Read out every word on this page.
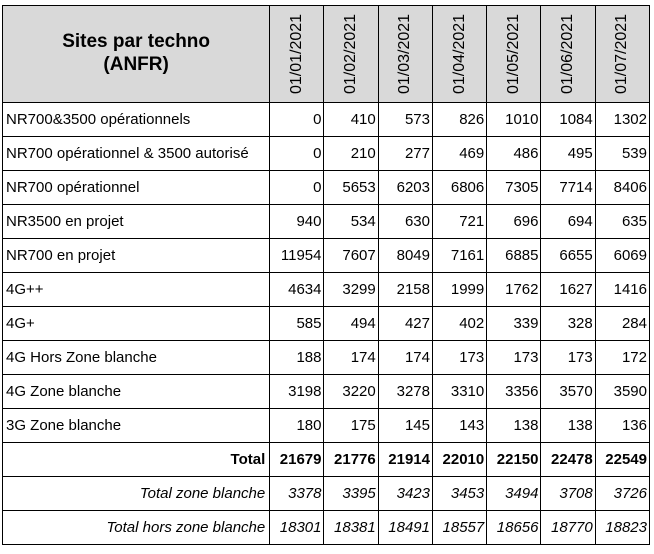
Sites par techno
(ANFR)	01/01/2021	01/02/2021	01/03/2021	01/04/2021	01/05/2021	01/06/2021	01/07/2021

NR700&3500 opérationnels	0	410	573	826	1010	1084	1302
NR700 opérationnel & 3500 autorisé	0	210	277	469	486	495	539
NR700 opérationnel	0	5653	6203	6806	7305	7714	8406
NR3500 en projet	940	534	630	721	696	694	635
NR700 en projet	11954	7607	8049	7161	6885	6655	6069
4G++	4634	3299	2158	1999	1762	1627	1416
4G+	585	494	427	402	339	328	284
4G Hors Zone blanche	188	174	174	173	173	173	172
4G Zone blanche	3198	3220	3278	3310	3356	3570	3590
3G Zone blanche	180	175	145	143	138	138	136
Total	21679	21776	21914	22010	22150	22478	22549
Total zone blanche	3378	3395	3423	3453	3494	3708	3726
Total hors zone blanche	18301	18381	18491	18557	18656	18770	18823
